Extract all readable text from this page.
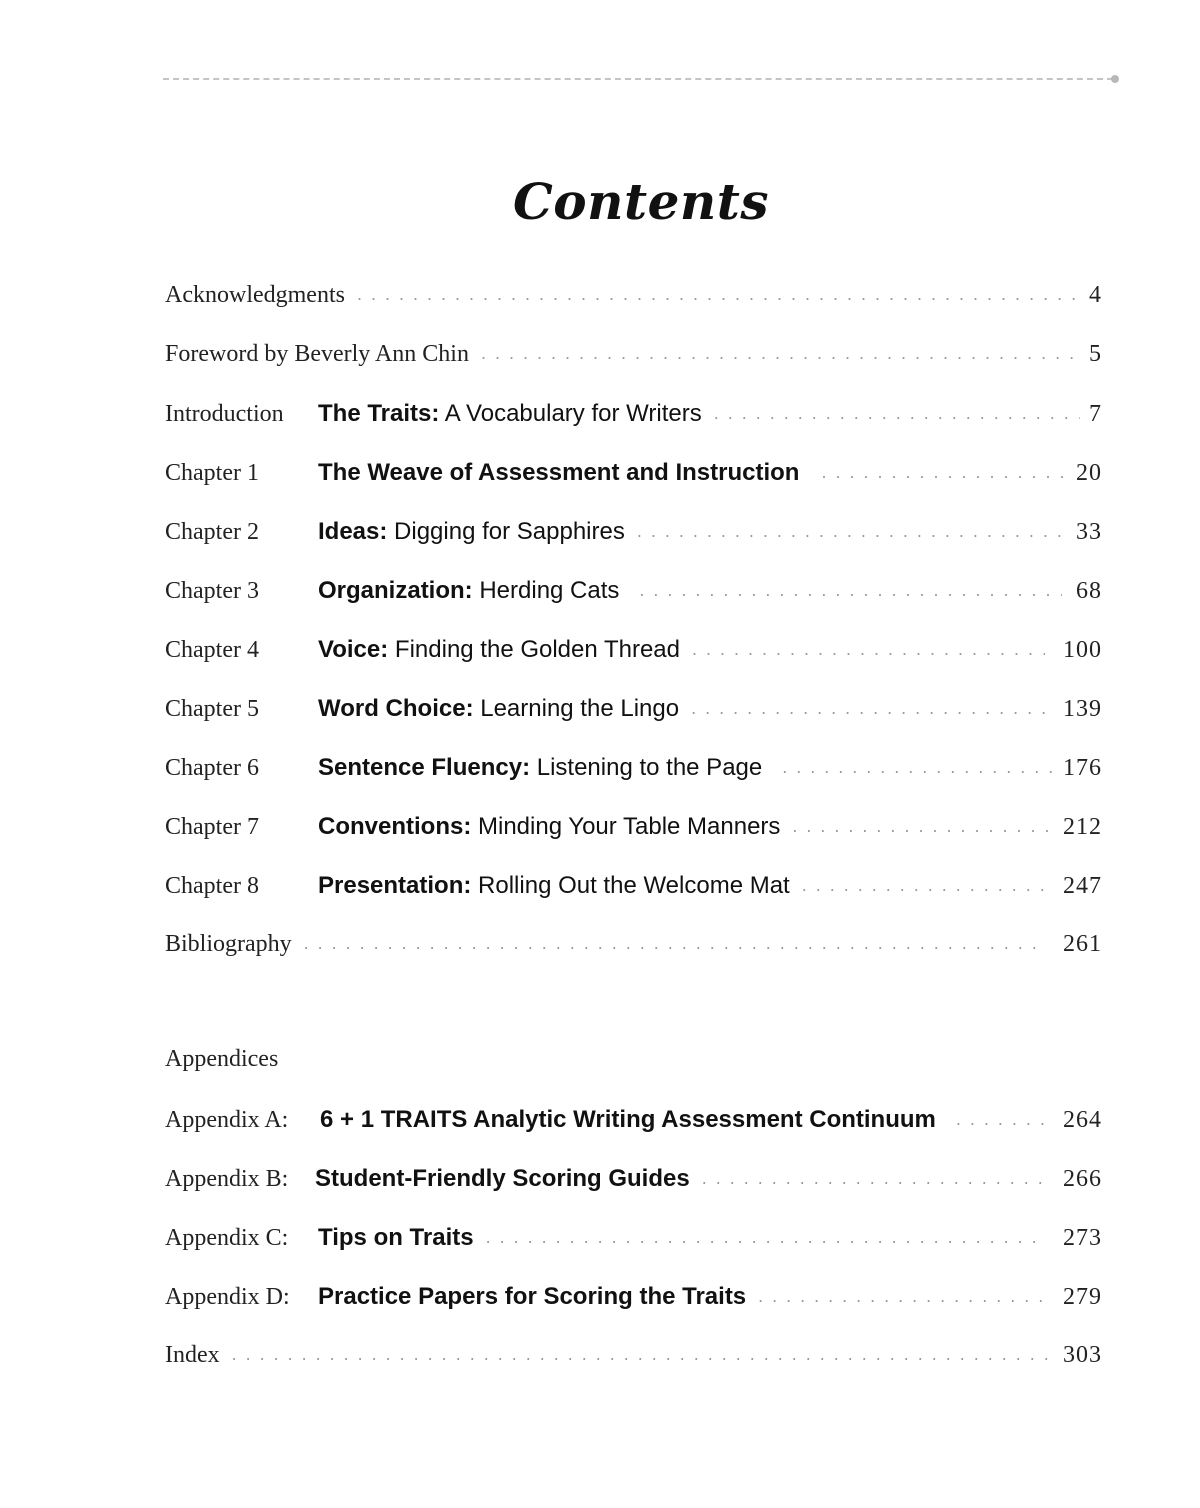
Contents
Acknowledgments . . .	4
Foreword by Beverly Ann Chin . . .	5
Introduction	The Traits: A Vocabulary for Writers . . .	7
Chapter 1	The Weave of Assessment and Instruction . . .	20
Chapter 2	Ideas: Digging for Sapphires . . .	33
Chapter 3	Organization: Herding Cats . . .	68
Chapter 4	Voice: Finding the Golden Thread . . .	100
Chapter 5	Word Choice: Learning the Lingo . . .	139
Chapter 6	Sentence Fluency: Listening to the Page . . .	176
Chapter 7	Conventions: Minding Your Table Manners . . .	212
Chapter 8	Presentation: Rolling Out the Welcome Mat . . .	247
Bibliography . . .	261
Appendices
Appendix A:	6 + 1 TRAITS Analytic Writing Assessment Continuum . . .	264
Appendix B:	Student-Friendly Scoring Guides . . .	266
Appendix C:	Tips on Traits . . .	273
Appendix D:	Practice Papers for Scoring the Traits . . .	279
Index . . .	303
